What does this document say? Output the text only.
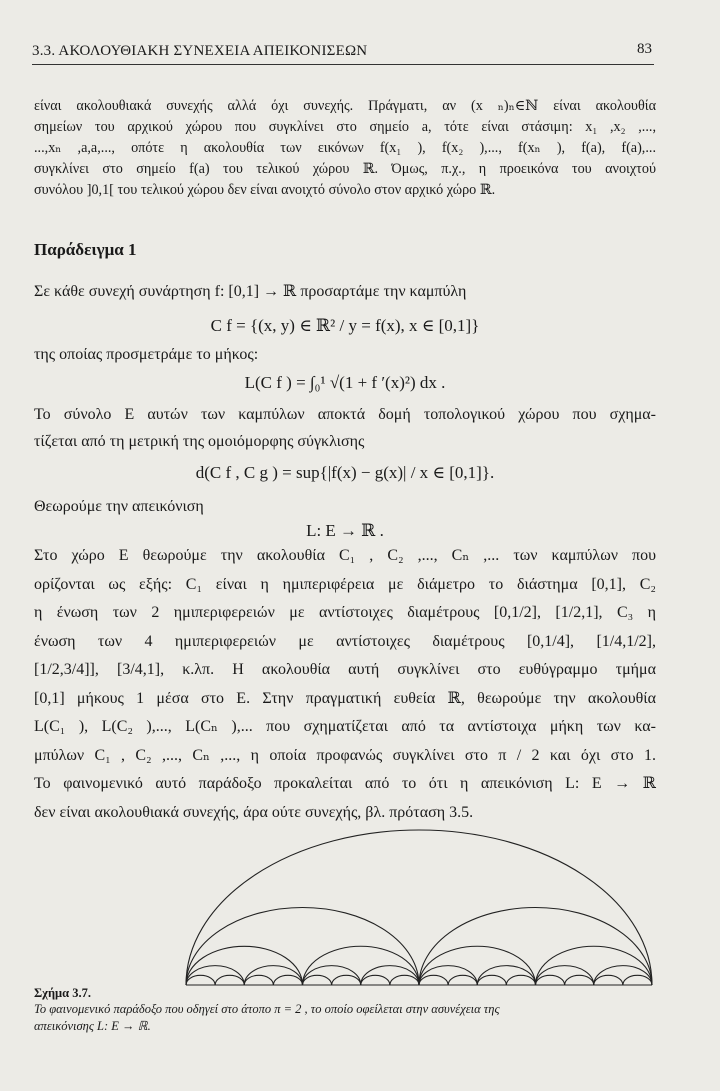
3.3. ΑΚΟΛΟΥΘΙΑΚΗ ΣΥΝΕΧΕΙΑ ΑΠΕΙΚΟΝΙΣΕΩΝ	83

είναι ακολουθιακά συνεχής αλλά όχι συνεχής. Πράγματι, αν (x ₙ)ₙ∈ℕ είναι ακολουθία

σημείων του αρχικού χώρου που συγκλίνει στο σημείο a, τότε είναι στάσιμη: x₁ ,x₂ ,...,

...,xₙ ,a,a,..., οπότε η ακολουθία των εικόνων f(x₁ ), f(x₂ ),..., f(xₙ ), f(a), f(a),...

συγκλίνει στο σημείο f(a) του τελικού χώρου ℝ. Όμως, π.χ., η προεικόνα του ανοιχτού

συνόλου ]0,1[ του τελικού χώρου δεν είναι ανοιχτό σύνολο στον αρχικό χώρο ℝ.

Παράδειγμα 1
Σε κάθε συνεχή συνάρτηση f: [0,1] → ℝ προσαρτάμε την καμπύλη
C f = {(x, y) ∈ ℝ² / y = f(x), x ∈ [0,1]}
της οποίας προσμετράμε το μήκος:
L(C f ) = ∫₀¹ √(1 + f ′(x)²) dx .
Το σύνολο E αυτών των καμπύλων αποκτά δομή τοπολογικού χώρου που σχημα-
τίζεται από τη μετρική της ομοιόμορφης σύγκλισης
d(C f , C g ) = sup{|f(x) − g(x)| / x ∈ [0,1]}.
Θεωρούμε την απεικόνιση
L: E → ℝ .

Στο χώρο E θεωρούμε την ακολουθία C₁ , C₂ ,..., Cₙ ,... των καμπύλων που

ορίζονται ως εξής: C₁ είναι η ημιπεριφέρεια με διάμετρο το διάστημα [0,1], C₂

η ένωση των 2 ημιπεριφερειών με αντίστοιχες διαμέτρους [0,1/2], [1/2,1], C₃ η

ένωση των 4 ημιπεριφερειών με αντίστοιχες διαμέτρους [0,1/4], [1/4,1/2],

[1/2,3/4]], [3/4,1], κ.λπ. Η ακολουθία αυτή συγκλίνει στο ευθύγραμμο τμήμα

[0,1] μήκους 1 μέσα στο E. Στην πραγματική ευθεία ℝ, θεωρούμε την ακολουθία

L(C₁ ), L(C₂ ),..., L(Cₙ ),... που σχηματίζεται από τα αντίστοιχα μήκη των κα-

μπύλων C₁ , C₂ ,..., Cₙ ,..., η οποία προφανώς συγκλίνει στο π / 2 και όχι στο 1.

Το φαινομενικό αυτό παράδοξο προκαλείται από το ότι η απεικόνιση L: E → ℝ

δεν είναι ακολουθιακά συνεχής, άρα ούτε συνεχής, βλ. πρόταση 3.5.

Σχήμα 3.7.
Το φαινομενικό παράδοξο που οδηγεί στο άτοπο π = 2 , το οποίο οφείλεται στην ασυνέχεια της
απεικόνισης L: E → ℝ.
